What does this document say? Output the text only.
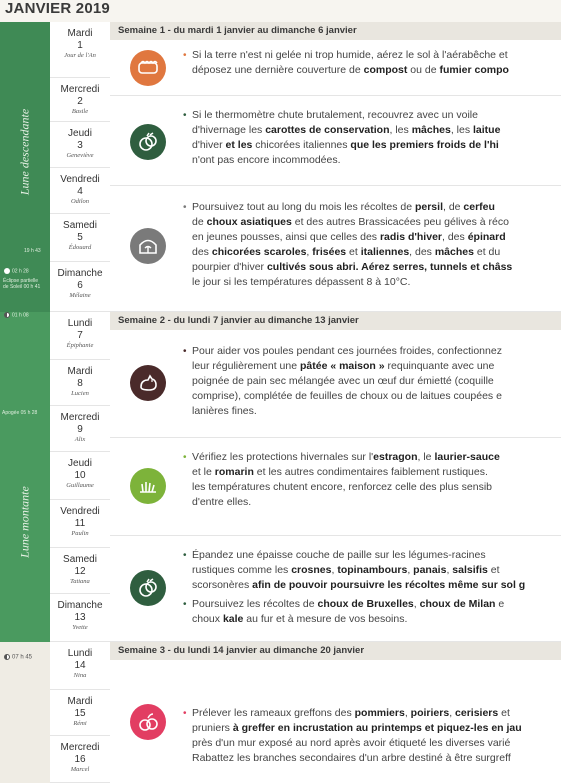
JANVIER 2019
Lune descendante
Lune montante
19 h 43
02 h 28
Éclipse partielle
de Soleil 00 h 41
01 h 08
Apogée 05 h 28
07 h 45
Mardi
1
Jour de l'An
Mercredi
2
Basile
Jeudi
3
Geneviève
Vendredi
4
Odilon
Samedi
5
Édouard
Dimanche
6
Mélaine
Lundi
7
Épiphanie
Mardi
8
Lucien
Mercredi
9
Alix
Jeudi
10
Guillaume
Vendredi
11
Paulin
Samedi
12
Tatiana
Dimanche
13
Yvette
Lundi
14
Nina
Mardi
15
Rémi
Mercredi
16
Marcel
Semaine 1 - du mardi 1 janvier au dimanche 6 janvier
• Si la terre n'est ni gelée ni trop humide, aérez le sol à l'aérabêche et
déposez une dernière couverture de compost ou de fumier compo
• Si le thermomètre chute brutalement, recouvrez avec un voile
d'hivernage les carottes de conservation, les mâches, les laitue
d'hiver et les chicorées italiennes que les premiers froids de l'hi
n'ont pas encore incommodées.
• Poursuivez tout au long du mois les récoltes de persil, de cerfeu
de choux asiatiques et des autres Brassicacées peu gélives à réco
en jeunes pousses, ainsi que celles des radis d'hiver, des épinard
des chicorées scaroles, frisées et italiennes, des mâches et du
pourpier d'hiver cultivés sous abri. Aérez serres, tunnels et châss
le jour si les températures dépassent 8 à 10°C.
Semaine 2 - du lundi 7 janvier au dimanche 13 janvier
• Pour aider vos poules pendant ces journées froides, confectionnez
leur régulièrement une pâtée « maison » requinquante avec une
poignée de pain sec mélangée avec un œuf dur émietté (coquille
comprise), complétée de feuilles de choux ou de laitues coupées e
lanières fines.
• Vérifiez les protections hivernales sur l'estragon, le laurier-sauce
et le romarin et les autres condimentaires faiblement rustiques.
les températures chutent encore, renforcez celle des plus sensib
d'entre elles.
• Épandez une épaisse couche de paille sur les légumes-racines
rustiques comme les crosnes, topinambours, panais, salsifis et
scorsonères afin de pouvoir poursuivre les récoltes même sur sol g
• Poursuivez les récoltes de choux de Bruxelles, choux de Milan e
choux kale au fur et à mesure de vos besoins.
Semaine 3 - du lundi 14 janvier au dimanche 20 janvier
• Prélever les rameaux greffons des pommiers, poiriers, cerisiers et
pruniers à greffer en incrustation au printemps et piquez-les en jau
près d'un mur exposé au nord après avoir étiqueté les diverses varié
Rabattez les branches secondaires d'un arbre destiné à être surgreff
